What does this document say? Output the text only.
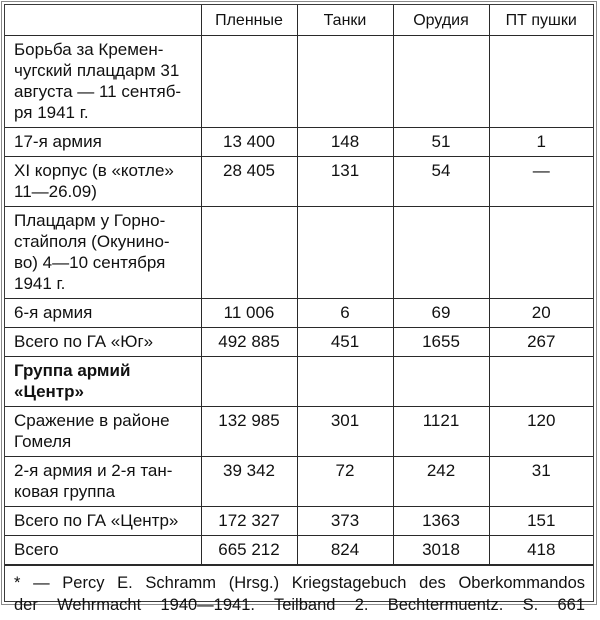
	Пленные	Танки	Орудия	ПТ пушки

Борьба за Кремен-
чугский плацдарм 31
августа — 11 сентяб-
ря 1941 г.				

17-я армия	13 400	148	51	1

XI корпус (в «котле»
11—26.09)	28 405	131	54	—

Плацдарм у Горно-
стайполя (Окунино-
во) 4—10 сентября
1941 г.				

6-я армия	11 006	6	69	20

Всего по ГА «Юг»	492 885	451	1655	267

Группа армий
«Центр»				

Сражение в районе
Гомеля	132 985	301	1121	120

2-я армия и 2-я тан-
ковая группа	39 342	72	242	31

Всего по ГА «Центр»	172 327	373	1363	151

Всего	665 212	824	3018	418
* — Percy E. Schramm (Hrsg.) Kriegstagebuch des Oberkommandos
der Wehrmacht 1940—1941. Teilband 2. Bechtermuentz. S. 661
